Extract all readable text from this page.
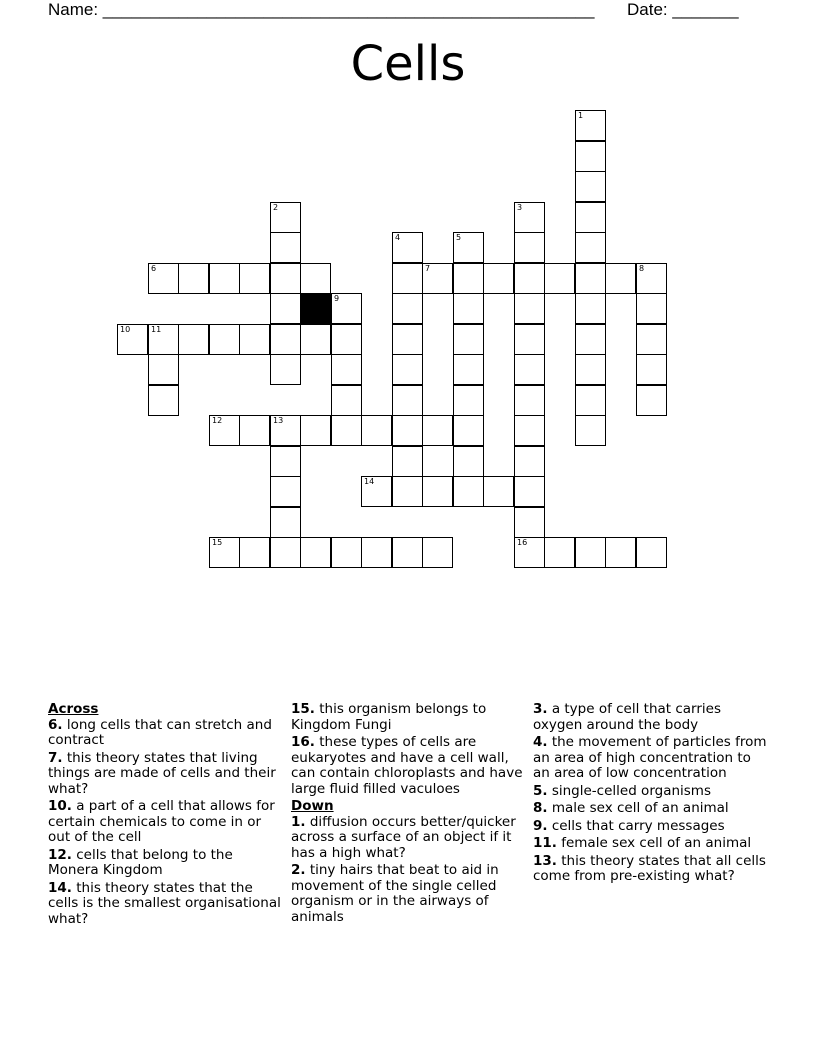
Name: ____________________________________________________ Date: _______
Cells
1
2	3
16
4	5
6	7	8
9
10	11
12	13
14
15

Across

6. long cells that can stretch and contract

7. this theory states that living things are made of cells and their what?

10. a part of a cell that allows for certain chemicals to come in or out of the cell

12. cells that belong to the Monera Kingdom

14. this theory states that the cells is the smallest organisational what?

15. this organism belongs to Kingdom Fungi

16. these types of cells are eukaryotes and have a cell wall, can contain chloroplasts and have large fluid filled vaculoes

Down

1. diffusion occurs better/quicker across a surface of an object if it has a high what?

2. tiny hairs that beat to aid in movement of the single celled organism or in the airways of animals

3. a type of cell that carries oxygen around the body

4. the movement of particles from an area of high concentration to an area of low concentration

5. single-celled organisms

8. male sex cell of an animal

9. cells that carry messages

11. female sex cell of an animal

13. this theory states that all cells come from pre-existing what?
